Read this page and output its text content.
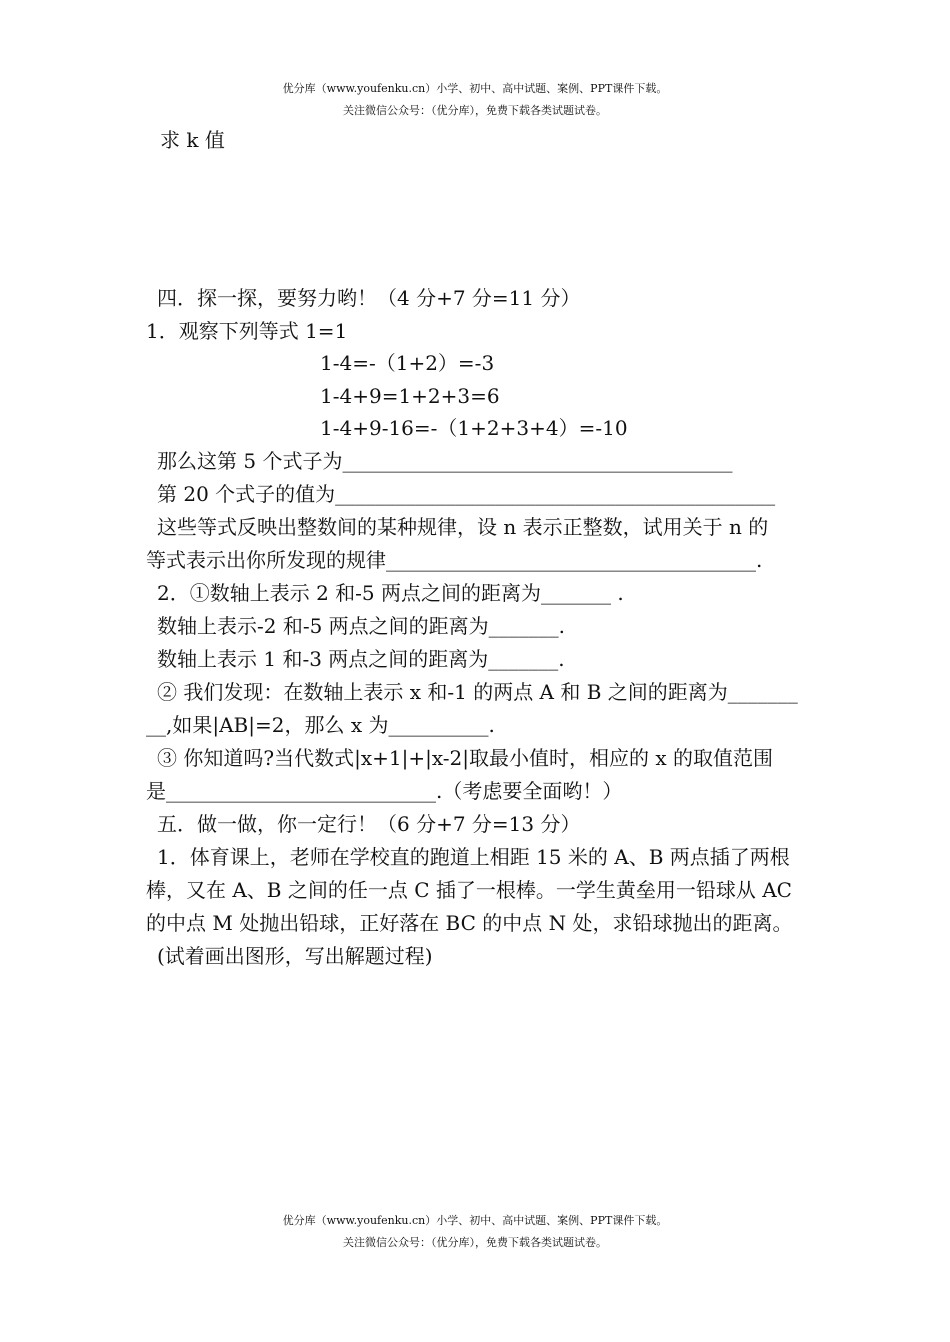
优分库（www.youfenku.cn）小学、初中、高中试题、案例、PPT课件下载。
关注微信公众号：（优分库），免费下载各类试题试卷。
求 k 值
四．探一探，要努力哟！（4 分+7 分=11 分）
1．观察下列等式 1=1
1-4=-（1+2）=-3
1-4+9=1+2+3=6
1-4+9-16=-（1+2+3+4）=-10
那么这第 5 个式子为_______________________________________
第 20 个式子的值为____________________________________________
这些等式反映出整数间的某种规律，设 n 表示正整数，试用关于 n 的
等式表示出你所发现的规律_____________________________________.
2．①数轴上表示 2 和-5 两点之间的距离为_______ .
数轴上表示-2 和-5 两点之间的距离为_______.
数轴上表示 1 和-3 两点之间的距离为_______.
② 我们发现：在数轴上表示 x 和-1 的两点 A 和 B 之间的距离为_______
__,如果|AB|=2，那么 x 为__________.
③ 你知道吗?当代数式|x+1|+|x-2|取最小值时，相应的 x 的取值范围
是___________________________.（考虑要全面哟！）
五．做一做，你一定行！（6 分+7 分=13 分）
1．体育课上，老师在学校直的跑道上相距 15 米的 A、B 两点插了两根
棒，又在 A、B 之间的任一点 C 插了一根棒。一学生黄垒用一铅球从 AC
的中点 M 处抛出铅球，正好落在 BC 的中点 N 处，求铅球抛出的距离。
(试着画出图形，写出解题过程)
优分库（www.youfenku.cn）小学、初中、高中试题、案例、PPT课件下载。
关注微信公众号：（优分库），免费下载各类试题试卷。
